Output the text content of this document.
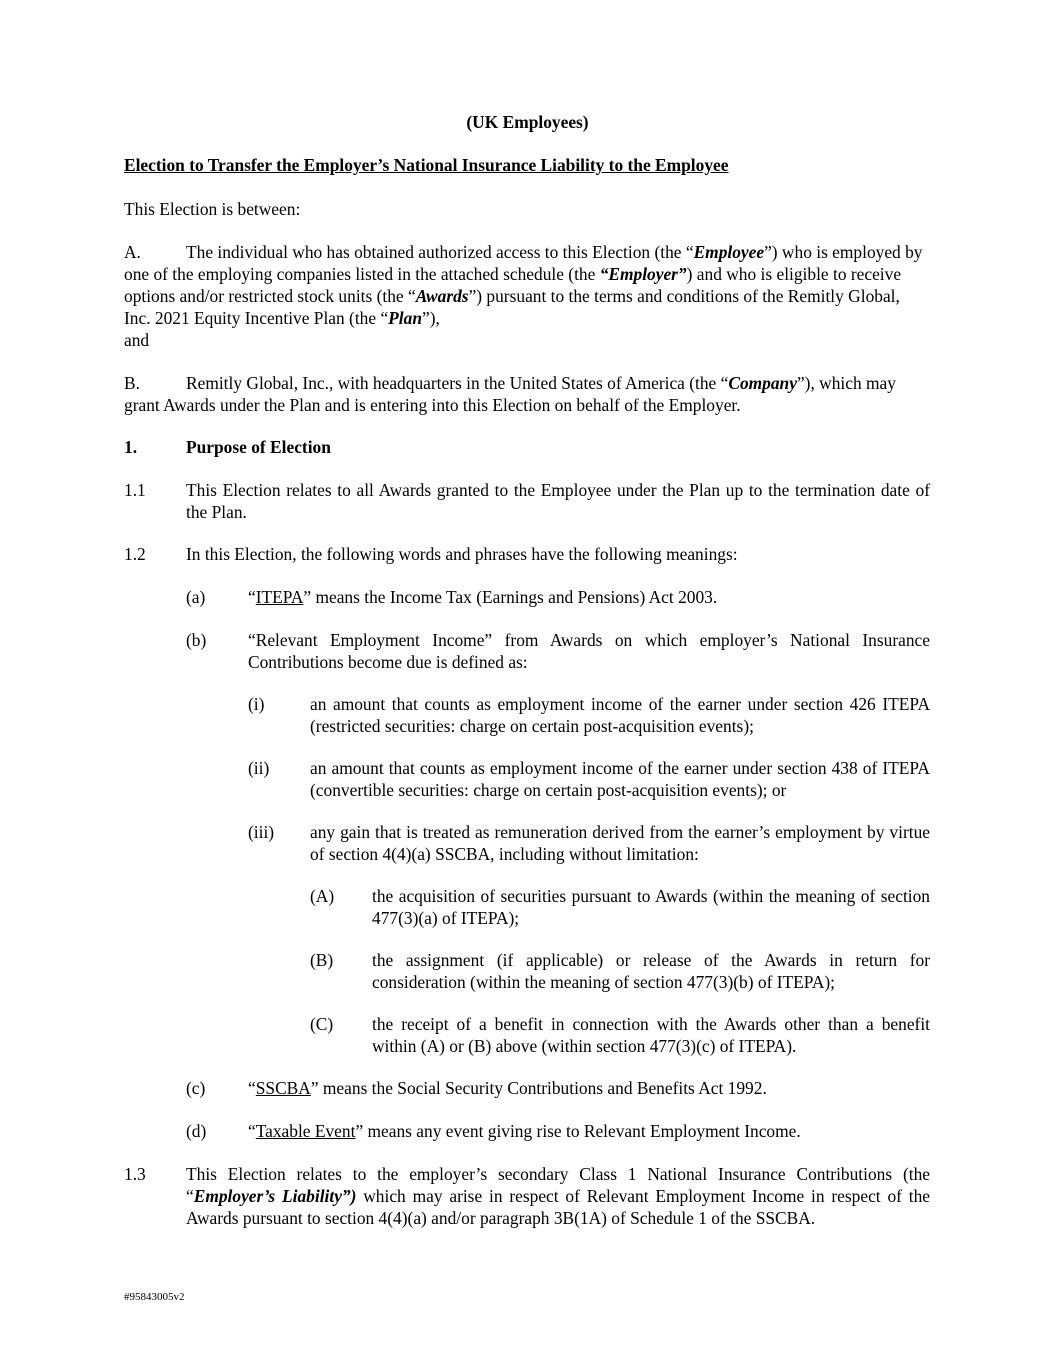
(UK Employees)
Election to Transfer the Employer’s National Insurance Liability to the Employee
This Election is between:
A.	The individual who has obtained authorized access to this Election (the “Employee”) who is employed by one of the employing companies listed in the attached schedule (the “Employer”) and who is eligible to receive options and/or restricted stock units (the “Awards”) pursuant to the terms and conditions of the Remitly Global, Inc. 2021 Equity Incentive Plan (the “Plan”),
and
B.	Remitly Global, Inc., with headquarters in the United States of America (the “Company”), which may grant Awards under the Plan and is entering into this Election on behalf of the Employer.
1.	Purpose of Election
1.1 This Election relates to all Awards granted to the Employee under the Plan up to the termination date of the Plan.
1.2 In this Election, the following words and phrases have the following meanings:
(a) “ITEPA” means the Income Tax (Earnings and Pensions) Act 2003.
(b) “Relevant Employment Income” from Awards on which employer’s National Insurance Contributions become due is defined as:
(i)	an amount that counts as employment income of the earner under section 426 ITEPA (restricted securities: charge on certain post-acquisition events);
(ii) an amount that counts as employment income of the earner under section 438 of ITEPA (convertible securities: charge on certain post-acquisition events); or
(iii) any gain that is treated as remuneration derived from the earner’s employment by virtue of section 4(4)(a) SSCBA, including without limitation:
(A) the acquisition of securities pursuant to Awards (within the meaning of section 477(3)(a) of ITEPA);
(B) the assignment (if applicable) or release of the Awards in return for consideration (within the meaning of section 477(3)(b) of ITEPA);
(C) the receipt of a benefit in connection with the Awards other than a benefit within (A) or (B) above (within section 477(3)(c) of ITEPA).
(c) “SSCBA” means the Social Security Contributions and Benefits Act 1992.
(d) “Taxable Event” means any event giving rise to Relevant Employment Income.
1.3 This Election relates to the employer’s secondary Class 1 National Insurance Contributions (the “Employer’s Liability”) which may arise in respect of Relevant Employment Income in respect of the Awards pursuant to section 4(4)(a) and/or paragraph 3B(1A) of Schedule 1 of the SSCBA.
#95843005v2
